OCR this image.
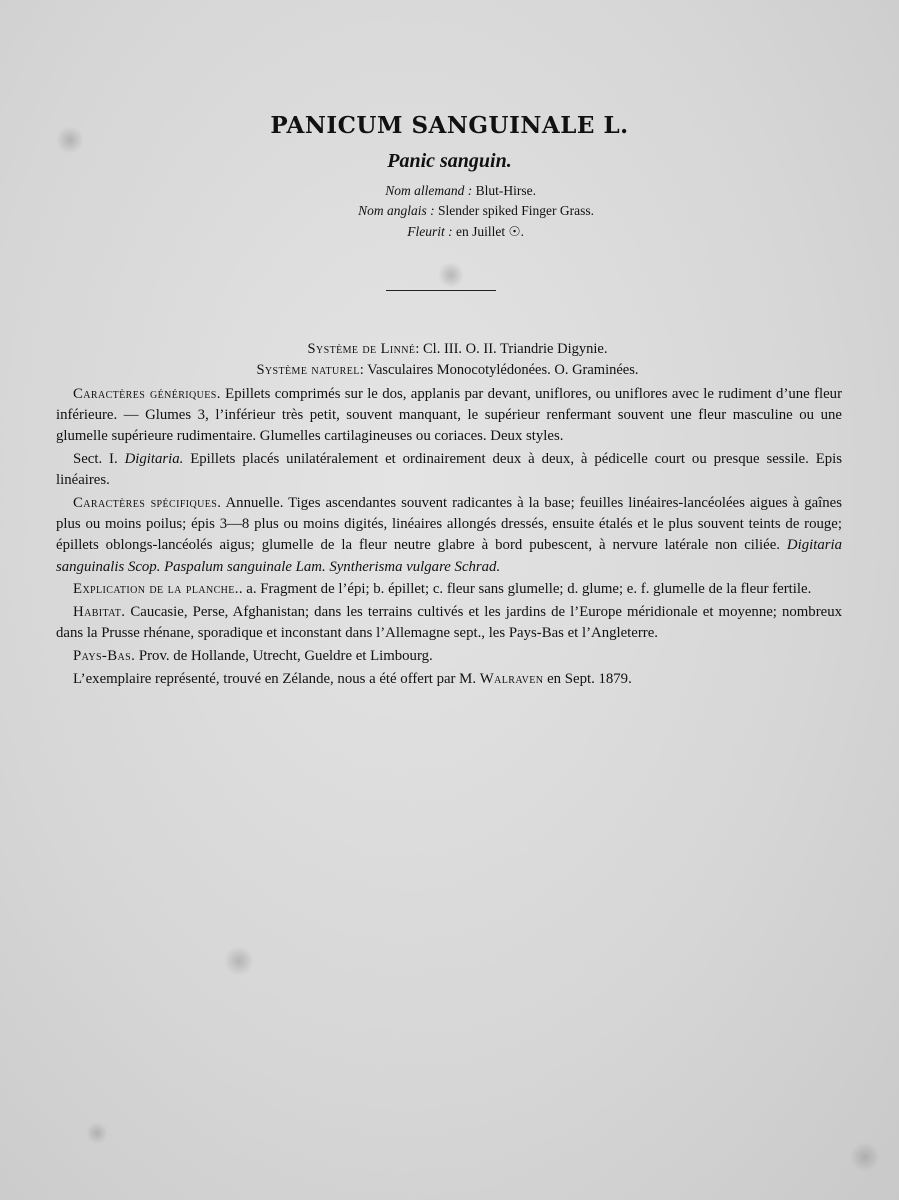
PANICUM SANGUINALE L.
Panic sanguin.
Nom allemand : Blut-Hirse.
Nom anglais : Slender spiked Finger Grass.
Fleurit : en Juillet ☉.
Système de Linné: Cl. III. O. II. Triandrie Digynie.
Système naturel: Vasculaires Monocotylédonées. O. Graminées.

Caractères génériques. Epillets comprimés sur le dos, applanis par devant, uniflores, ou uniflores avec le rudiment d’une fleur inférieure. — Glumes 3, l’inférieur très petit, souvent manquant, le supérieur renfermant souvent une fleur masculine ou une glumelle supérieure rudimentaire. Glumelles cartilagineuses ou coriaces. Deux styles.

Sect. I. Digitaria. Epillets placés unilatéralement et ordinairement deux à deux, à pédicelle court ou presque sessile. Epis linéaires.

Caractères spécifiques. Annuelle. Tiges ascendantes souvent radicantes à la base; feuilles linéaires-lancéolées aigues à gaînes plus ou moins poilus; épis 3—8 plus ou moins digités, linéaires allongés dressés, ensuite étalés et le plus souvent teints de rouge; épillets oblongs-lancéolés aigus; glumelle de la fleur neutre glabre à bord pubescent, à nervure latérale non ciliée. Digitaria sanguinalis Scop. Paspalum sanguinale Lam. Syntherisma vulgare Schrad.

Explication de la planche.. a. Fragment de l’épi; b. épillet; c. fleur sans glumelle; d. glume; e. f. glumelle de la fleur fertile.

Habitat. Caucasie, Perse, Afghanistan; dans les terrains cultivés et les jardins de l’Europe méridionale et moyenne; nombreux dans la Prusse rhénane, sporadique et inconstant dans l’Allemagne sept., les Pays-Bas et l’Angleterre.

Pays-Bas. Prov. de Hollande, Utrecht, Gueldre et Limbourg.

L’exemplaire représenté, trouvé en Zélande, nous a été offert par M. Walraven en Sept. 1879.
